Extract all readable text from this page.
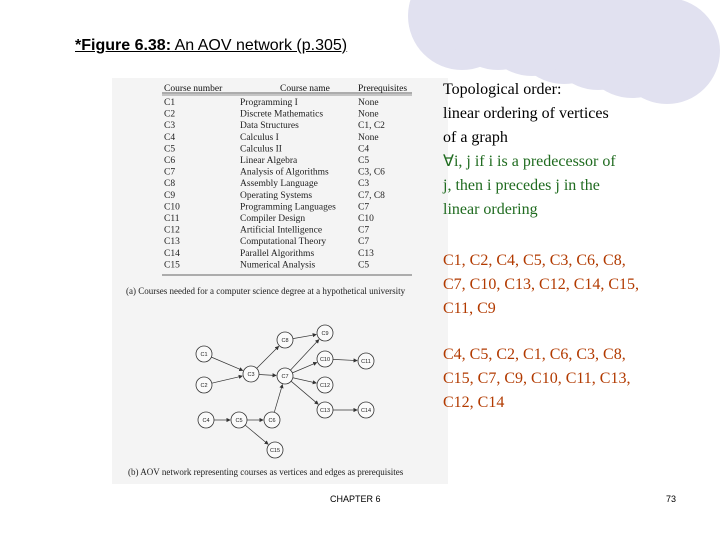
*Figure 6.38: An AOV network (p.305)
Course number	Course name	Prerequisites
C1	Programming I	None
C2	Discrete Mathematics	None
C3	Data Structures	C1, C2
C4	Calculus I	None
C5	Calculus II	C4
C6	Linear Algebra	C5
C7	Analysis of Algorithms	C3, C6
C8	Assembly Language	C3
C9	Operating Systems	C7, C8
C10	Programming Languages C7
C11	Compiler Design	C10
C12	Artificial Intelligence	C7
C13	Computational Theory	C7
C14	Parallel Algorithms	C13
C15	Numerical Analysis	C5
(a) Courses needed for a computer science degree at a hypothetical university
C1
C2
C3
C4	C5	C6
C7
C8
C9
C10	C11
C12
C13	C14
C15
(b) AOV network representing courses as vertices and edges as prerequisites
Topological order:
linear ordering of vertices
of a graph
∀i, j if i is a predecessor of
j, then i precedes j in the
linear ordering
C1, C2, C4, C5, C3, C6, C8,
C7, C10, C13, C12, C14, C15,
C11, C9
C4, C5, C2, C1, C6, C3, C8,
C15, C7, C9, C10, C11, C13,
C12, C14
CHAPTER 6	73
